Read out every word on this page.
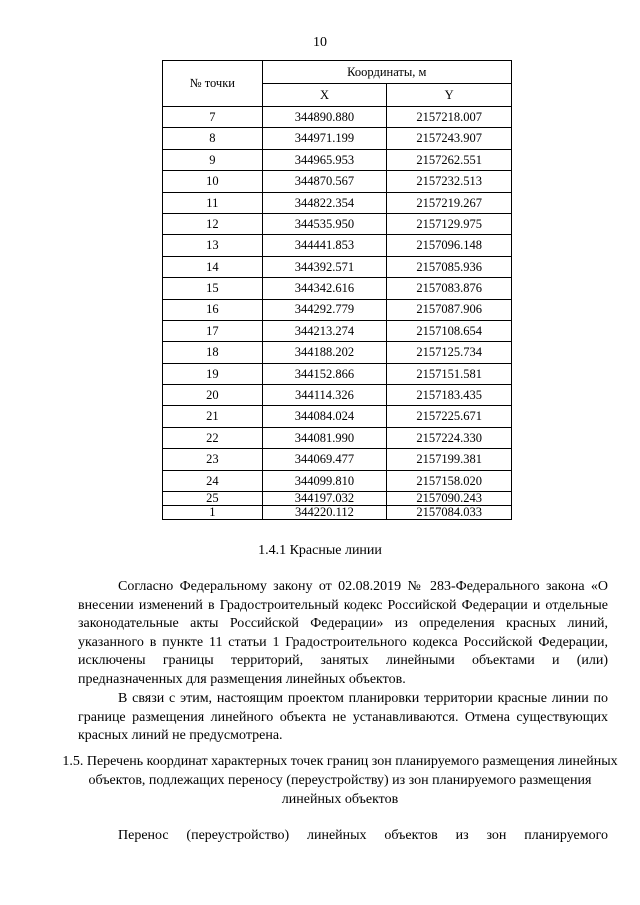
10
№ точки	Координаты, м	
	X	Y
7	344890.880	2157218.007
8	344971.199	2157243.907
9	344965.953	2157262.551
10	344870.567	2157232.513
11	344822.354	2157219.267
12	344535.950	2157129.975
13	344441.853	2157096.148
14	344392.571	2157085.936
15	344342.616	2157083.876
16	344292.779	2157087.906
17	344213.274	2157108.654
18	344188.202	2157125.734
19	344152.866	2157151.581
20	344114.326	2157183.435
21	344084.024	2157225.671
22	344081.990	2157224.330
23	344069.477	2157199.381
24	344099.810	2157158.020
25	344197.032	2157090.243
1	344220.112	2157084.033
1.4.1 Красные линии
Согласно Федеральному закону от 02.08.2019 № 283-Федерального закона «О внесении изменений в Градостроительный кодекс Российской Федерации и отдельные законодательные акты Российской Федерации» из определения красных линий, указанного в пункте 11 статьи 1 Градостроительного кодекса Российской Федерации, исключены границы территорий, занятых линейными объектами и (или) предназначенных для размещения линейных объектов.
В связи с этим, настоящим проектом планировки территории красные линии по границе размещения линейного объекта не устанавливаются. Отмена существующих красных линий не предусмотрена.
1.5. Перечень координат характерных точек границ зон планируемого размещения линейных объектов, подлежащих переносу (переустройству) из зон планируемого размещения линейных объектов
Перенос (переустройство) линейных объектов из зон планируемого
